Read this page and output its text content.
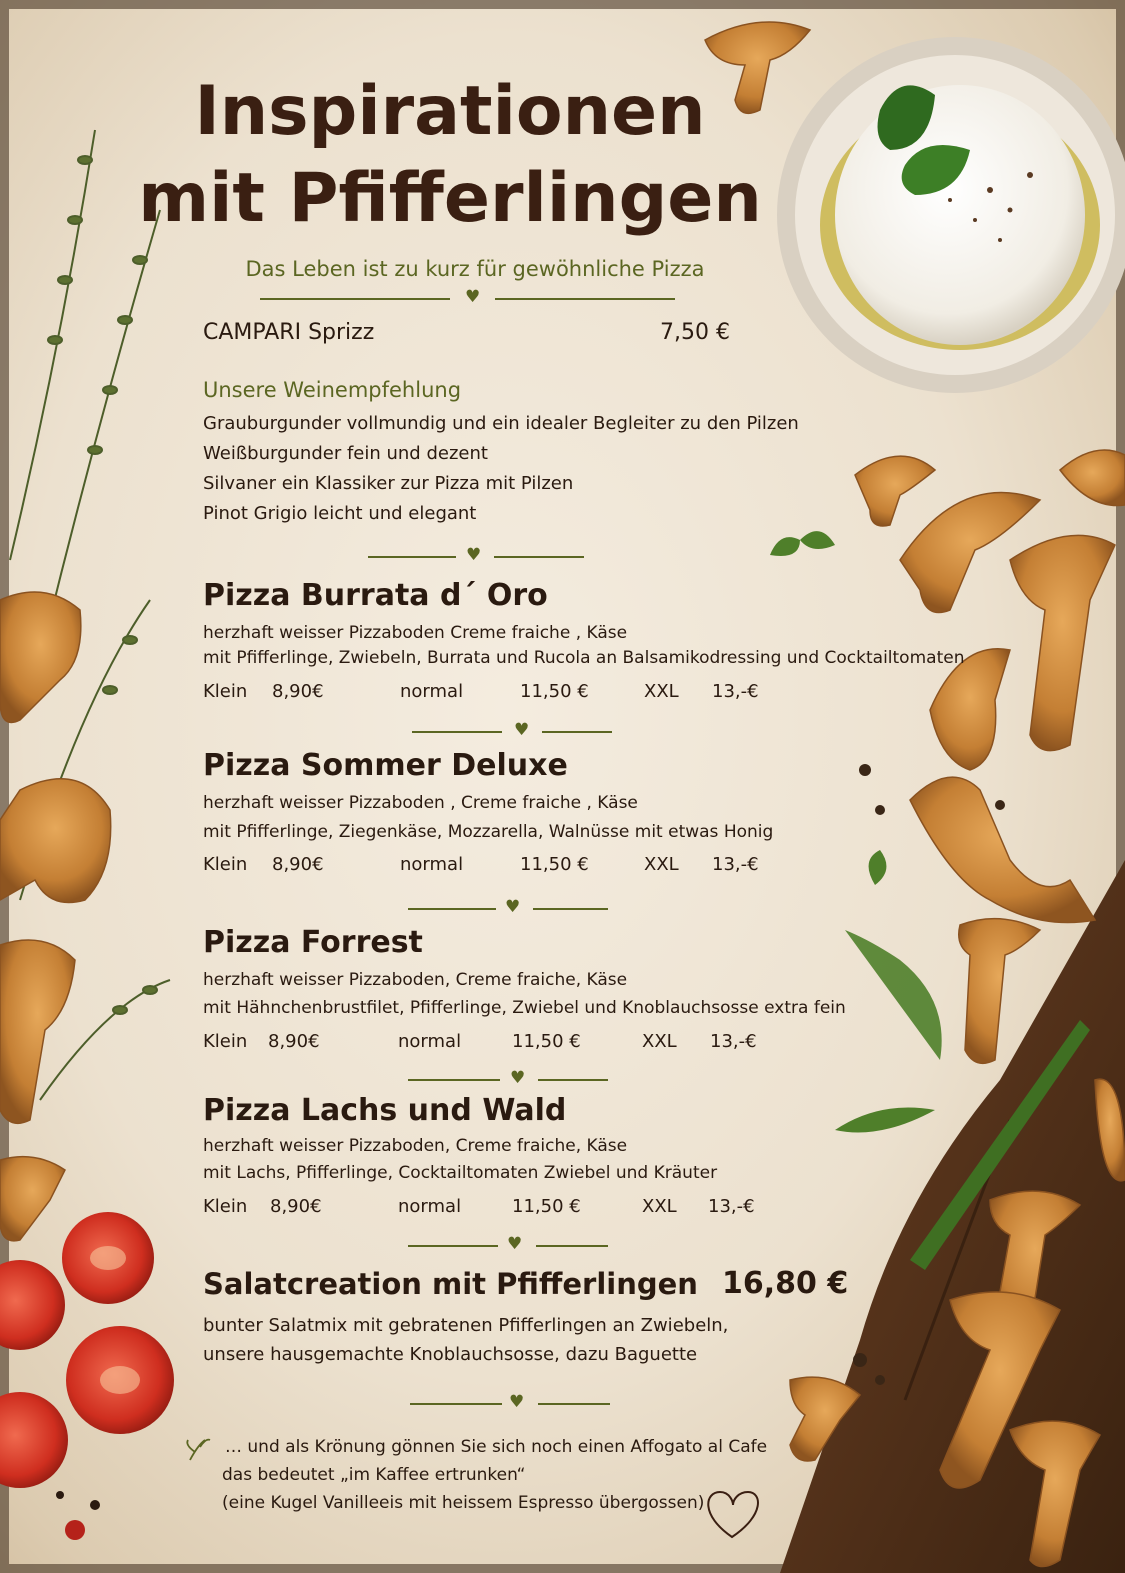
Inspirationen
mit Pfifferlingen
Das Leben ist zu kurz für gewöhnliche Pizza
♥
CAMPARI Sprizz	7,50 €
Unsere Weinempfehlung
Grauburgunder vollmundig und ein idealer Begleiter zu den Pilzen
Weißburgunder fein und dezent
Silvaner ein Klassiker zur Pizza mit Pilzen
Pinot Grigio leicht und elegant
♥
Pizza Burrata d´ Oro
herzhaft weisser Pizzaboden Creme fraiche , Käse
mit Pfifferlinge, Zwiebeln, Burrata und Rucola an Balsamikodressing und Cocktailtomaten
Klein 8,90€	normal	11,50 €	XXL 13,-€
♥
Pizza Sommer Deluxe
herzhaft weisser Pizzaboden , Creme fraiche , Käse
mit Pfifferlinge, Ziegenkäse, Mozzarella, Walnüsse mit etwas Honig
Klein 8,90€	normal	11,50 €	XXL 13,-€
♥
Pizza Forrest
herzhaft weisser Pizzaboden, Creme fraiche, Käse
mit Hähnchenbrustfilet, Pfifferlinge, Zwiebel und Knoblauchsosse extra fein
Klein 8,90€	normal	11,50 €	XXL 13,-€
♥
Pizza Lachs und Wald
herzhaft weisser Pizzaboden, Creme fraiche, Käse
mit Lachs, Pfifferlinge, Cocktailtomaten Zwiebel und Kräuter
Klein 8,90€	normal	11,50 €	XXL 13,-€
♥
Salatcreation mit Pfifferlingen 16,80 €
bunter Salatmix mit gebratenen Pfifferlingen an Zwiebeln,
unsere hausgemachte Knoblauchsosse, dazu Baguette
♥
… und als Krönung gönnen Sie sich noch einen Affogato al Cafe
das bedeutet „im Kaffee ertrunken“
(eine Kugel Vanilleeis mit heissem Espresso übergossen)
